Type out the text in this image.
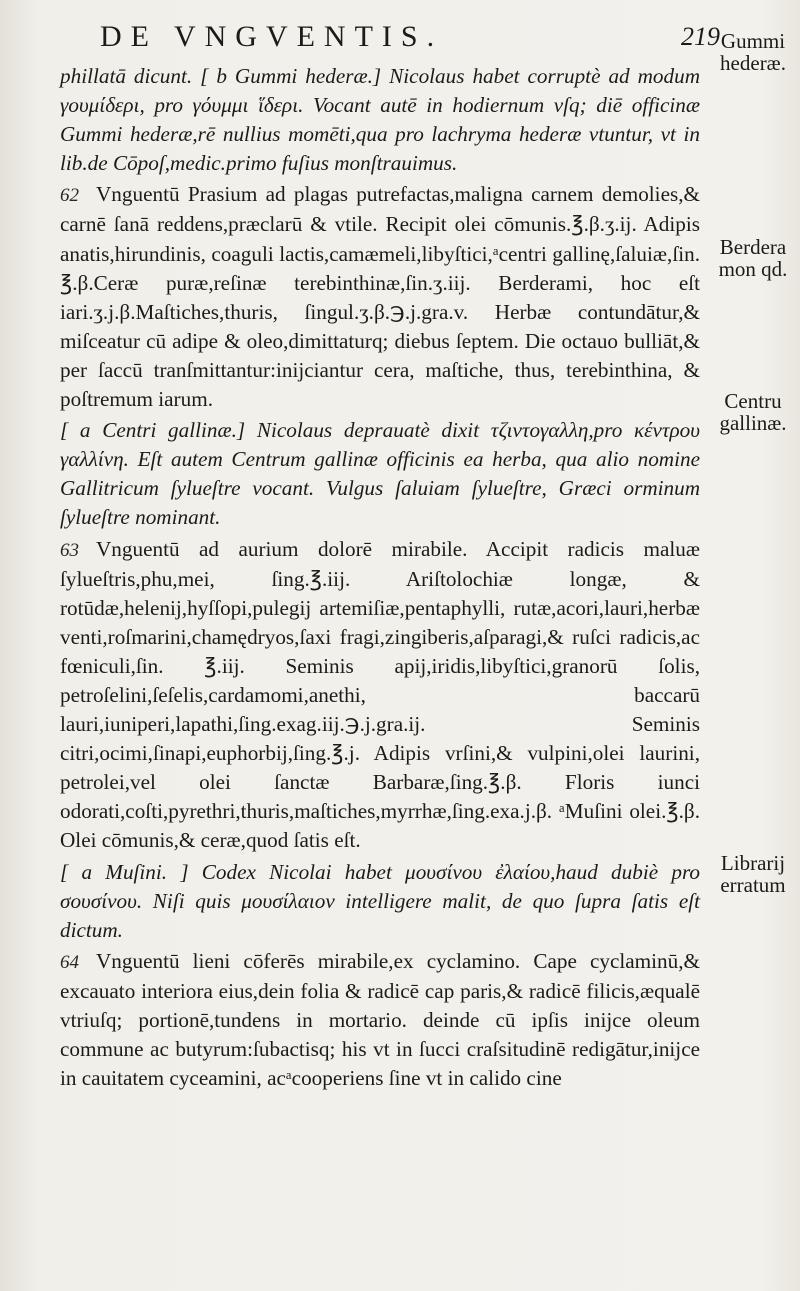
DE VNGVENTIS.	219 Gummi hederæ.
Berdera mon qd.
Centru gallinæ.
Librarij erratum

phillatā dicunt. [ b Gummi hederæ.] Nicolaus habet corruptè ad modum γουμίδερι, pro γόυμμι ἵδερι. Vocant autē in hodiernum vſq; diē officinæ Gummi hederæ,rē nullius momēti,qua pro lachryma hederæ vtuntur, vt in lib.de Cōpoſ,medic.primo fuſius monſtrauimus.

62 Vnguentū Prasium ad plagas putrefactas,maligna carnem demolies,& carnē ſanā reddens,præclarū & vtile. Recipit olei cōmunis.℥.β.ʒ.ij. Adipis anatis,hirundinis, coaguli lactis,camæmeli,libyſtici,ᵃcentri gallinę,ſaluiæ,ſin. ℥.β.Ceræ puræ,reſinæ terebinthinæ,ſin.ʒ.iij. Berderami, hoc eſt iari.ʒ.j.β.Maſtiches,thuris, ſingul.ʒ.β.℈.j.gra.v. Herbæ contundātur,& miſceatur cū adipe & oleo,dimittaturq; diebus ſeptem. Die octauo bulliāt,& per ſaccū tranſmittantur:inijciantur cera, maſtiche, thus, terebinthina, & poſtremum iarum.

[ a Centri gallinæ.] Nicolaus deprauatè dixit τζιντογαλλη,pro κέντρου γαλλίνη. Eſt autem Centrum gallinæ officinis ea herba, qua alio nomine Gallitricum ſylueſtre vocant. Vulgus ſaluiam ſylueſtre, Græci orminum ſylueſtre nominant.

63 Vnguentū ad aurium dolorē mirabile. Accipit radicis maluæ ſylueſtris,phu,mei, ſing.℥.iij. Ariſtolochiæ longæ, & rotūdæ,helenij,hyſſopi,pulegij artemiſiæ,pentaphylli, rutæ,acori,lauri,herbæ venti,roſmarini,chamędryos,ſaxi fragi,zingiberis,aſparagi,& ruſci radicis,ac fœniculi,ſin. ℥.iij. Seminis apij,iridis,libyſtici,granorū ſolis, petroſelini,ſeſelis,cardamomi,anethi, baccarū lauri,iuniperi,lapathi,ſing.exag.iij.℈.j.gra.ij. Seminis citri,ocimi,ſinapi,euphorbij,ſing.℥.j. Adipis vrſini,& vulpini,olei laurini, petrolei,vel olei ſanctæ Barbaræ,ſing.℥.β. Floris iunci odorati,coſti,pyrethri,thuris,maſtiches,myrrhæ,ſing.exa.j.β. ᵃMuſini olei.℥.β. Olei cōmunis,& ceræ,quod ſatis eſt.

[ a Muſini. ] Codex Nicolai habet μουσίνου ἐλαίου,haud dubiè pro σουσίνου. Niſi quis μουσίλαιον intelligere malit, de quo ſupra ſatis eſt dictum.

64 Vnguentū lieni cōferēs mirabile,ex cyclamino. Cape cyclaminū,& excauato interiora eius,dein folia & radicē cap paris,& radicē filicis,æqualē vtriuſq; portionē,tundens in mortario. deinde cū ipſis inijce oleum commune ac butyrum:ſubactisq; his vt in ſucci craſsitudinē redigātur,inijce in cauitatem cyceamini, acᵃcooperiens ſine vt in calido cine
